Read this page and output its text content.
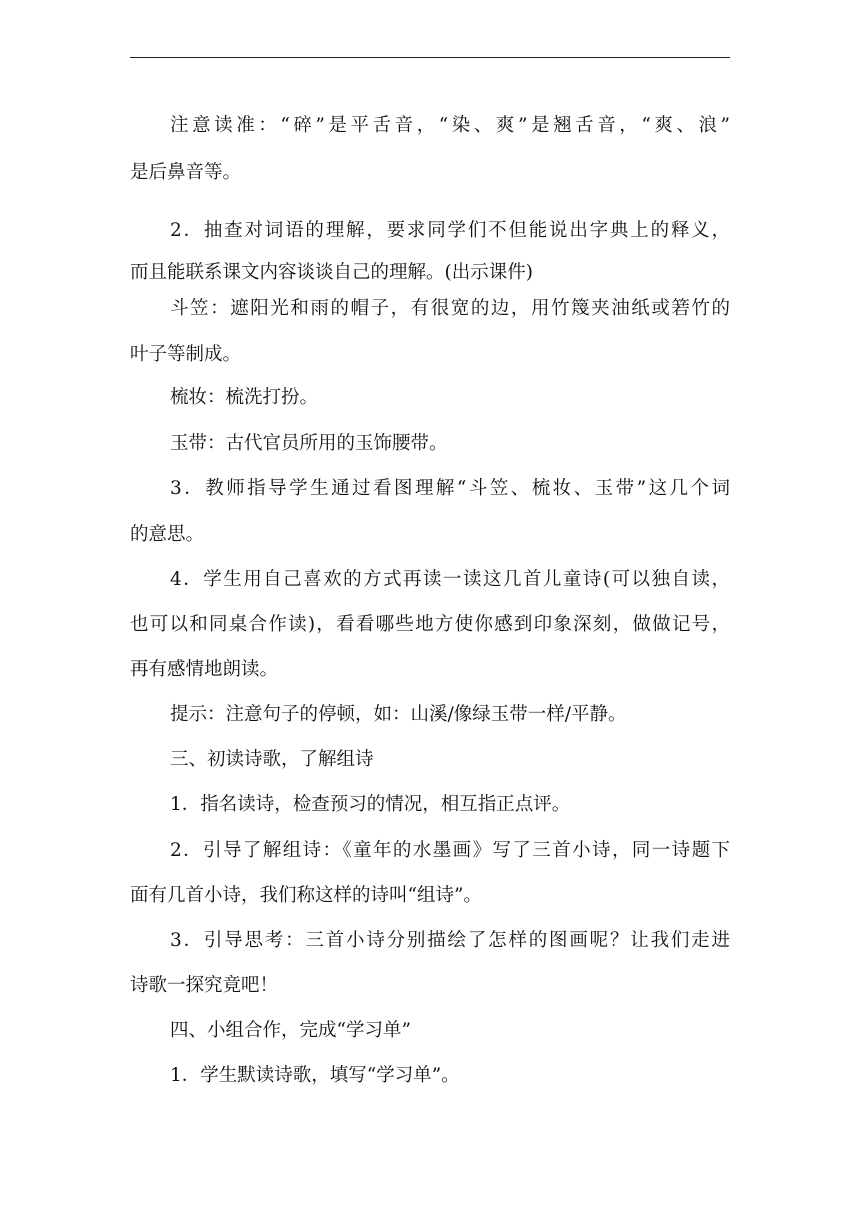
注意读准：“碎”是平舌音，“染、爽”是翘舌音，“爽、浪”
是后鼻音等。
2．抽查对词语的理解，要求同学们不但能说出字典上的释义，
而且能联系课文内容谈谈自己的理解。(出示课件)
斗笠：遮阳光和雨的帽子，有很宽的边，用竹篾夹油纸或箬竹的
叶子等制成。
梳妆：梳洗打扮。
玉带：古代官员所用的玉饰腰带。
3．教师指导学生通过看图理解“斗笠、梳妆、玉带”这几个词
的意思。
4．学生用自己喜欢的方式再读一读这几首儿童诗(可以独自读，
也可以和同桌合作读)，看看哪些地方使你感到印象深刻，做做记号，
再有感情地朗读。
提示：注意句子的停顿，如：山溪/像绿玉带一样/平静。
三、初读诗歌，了解组诗
1．指名读诗，检查预习的情况，相互指正点评。
2．引导了解组诗：《童年的水墨画》写了三首小诗，同一诗题下
面有几首小诗，我们称这样的诗叫“组诗”。
3．引导思考：三首小诗分别描绘了怎样的图画呢？让我们走进
诗歌一探究竟吧！
四、小组合作，完成“学习单”
1．学生默读诗歌，填写“学习单”。
